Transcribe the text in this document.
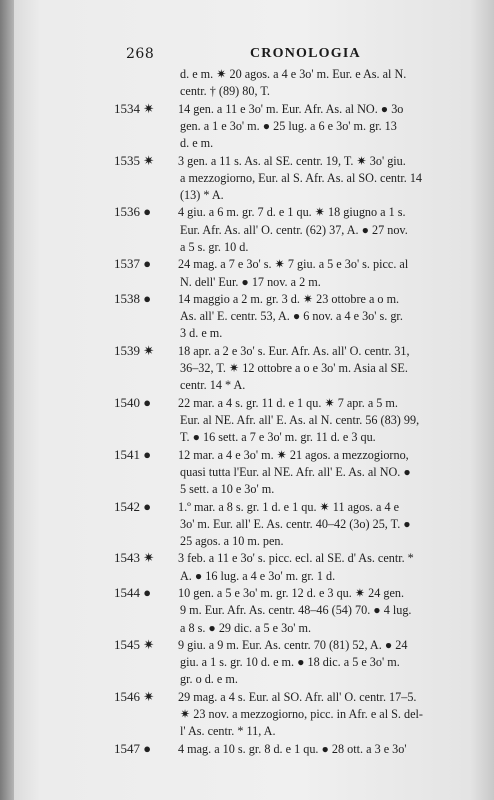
268	CRONOLOGIA
d. e m. ✷ 20 agos. a 4 e 3o' m. Eur. e As. al N.
centr. † (89) 80, T.
1534 ✷	14 gen. a 11 e 3o' m. Eur. Afr. As. al NO. ● 3o
gen. a 1 e 3o' m. ● 25 lug. a 6 e 3o' m. gr. 13
d. e m.
1535 ✷	3 gen. a 11 s. As. al SE. centr. 19, T. ✷ 3o' giu.
a mezzogiorno, Eur. al S. Afr. As. al SO. centr. 14
(13) * A.
1536 ●	4 giu. a 6 m. gr. 7 d. e 1 qu. ✷ 18 giugno a 1 s.
Eur. Afr. As. all' O. centr. (62) 37, A. ● 27 nov.
a 5 s. gr. 10 d.
1537 ●	24 mag. a 7 e 3o' s. ✷ 7 giu. a 5 e 3o' s. picc. al
N. dell' Eur. ● 17 nov. a 2 m.
1538 ●	14 maggio a 2 m. gr. 3 d. ✷ 23 ottobre a o m.
As. all' E. centr. 53, A. ● 6 nov. a 4 e 3o' s. gr.
3 d. e m.
1539 ✷	18 apr. a 2 e 3o' s. Eur. Afr. As. all' O. centr. 31,
36–32, T. ✷ 12 ottobre a o e 3o' m. Asia al SE.
centr. 14 * A.
1540 ●	22 mar. a 4 s. gr. 11 d. e 1 qu. ✷ 7 apr. a 5 m.
Eur. al NE. Afr. all' E. As. al N. centr. 56 (83) 99,
T. ● 16 sett. a 7 e 3o' m. gr. 11 d. e 3 qu.
1541 ●	12 mar. a 4 e 3o' m. ✷ 21 agos. a mezzogiorno,
quasi tutta l'Eur. al NE. Afr. all' E. As. al NO. ●
5 sett. a 10 e 3o' m.
1542 ●	1.º mar. a 8 s. gr. 1 d. e 1 qu. ✷ 11 agos. a 4 e
3o' m. Eur. all' E. As. centr. 40–42 (3o) 25, T. ●
25 agos. a 10 m. pen.
1543 ✷	3 feb. a 11 e 3o' s. picc. ecl. al SE. d' As. centr. *
A. ● 16 lug. a 4 e 3o' m. gr. 1 d.
1544 ●	10 gen. a 5 e 3o' m. gr. 12 d. e 3 qu. ✷ 24 gen.
9 m. Eur. Afr. As. centr. 48–46 (54) 70. ● 4 lug.
a 8 s. ● 29 dic. a 5 e 3o' m.
1545 ✷	9 giu. a 9 m. Eur. As. centr. 70 (81) 52, A. ● 24
giu. a 1 s. gr. 10 d. e m. ● 18 dic. a 5 e 3o' m.
gr. o d. e m.
1546 ✷	29 mag. a 4 s. Eur. al SO. Afr. all' O. centr. 17–5.
✷ 23 nov. a mezzogiorno, picc. in Afr. e al S. del-
l' As. centr. * 11, A.
1547 ●	4 mag. a 10 s. gr. 8 d. e 1 qu. ● 28 ott. a 3 e 3o'
